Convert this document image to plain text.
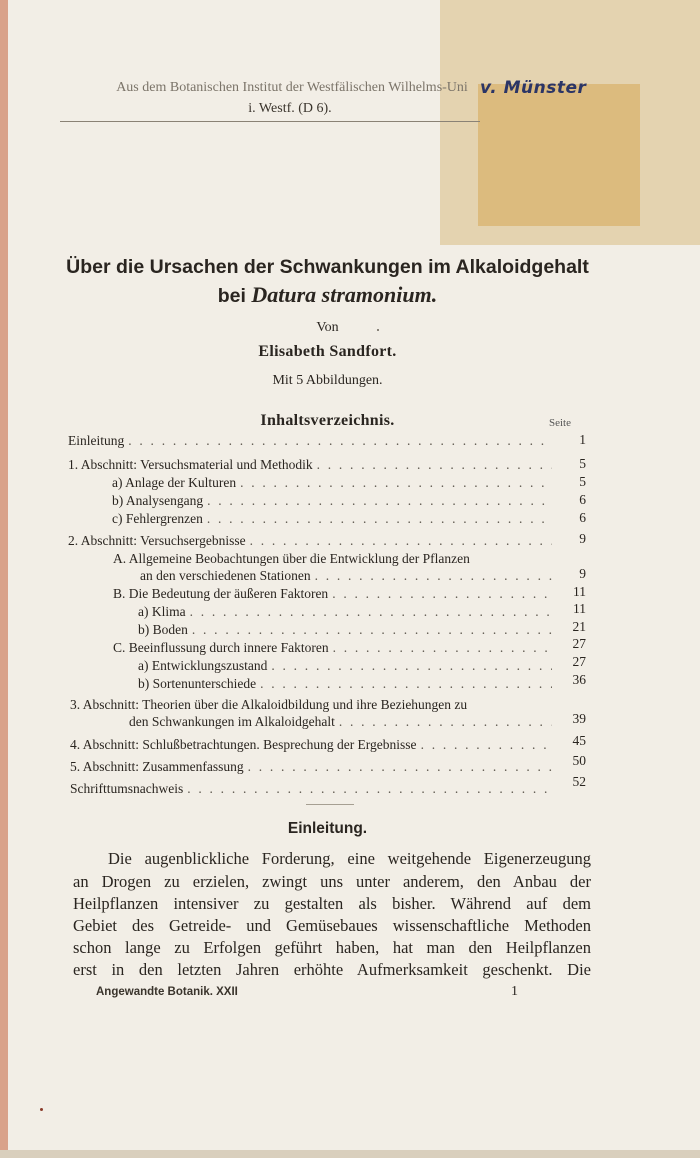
v. Münster
Aus dem Botanischen Institut der Westfälischen Wilhelms-Uni
i. Westf. (D 6).
Über die Ursachen der Schwankungen im Alkaloidgehalt
bei Datura stramonium.
Von
Elisabeth Sandfort.
Mit 5 Abbildungen.
Inhaltsverzeichnis.	Seite
Einleitung . . .	1
1. Abschnitt: Versuchsmaterial und Methodik . . .	5
a) Anlage der Kulturen . . .	5
b) Analysengang . . .	6
c) Fehlergrenzen . . .	6
2. Abschnitt: Versuchsergebnisse . . .	9
A. Allgemeine Beobachtungen über die Entwicklung der Pflanzen
an den verschiedenen Stationen . . .	9
B. Die Bedeutung der äußeren Faktoren . . .	11
a) Klima . . .	11
b) Boden . . .	21
C. Beeinflussung durch innere Faktoren . . .	27
a) Entwicklungszustand . . .	27
b) Sortenunterschiede . . .	36
3. Abschnitt: Theorien über die Alkaloidbildung und ihre Beziehungen zu
den Schwankungen im Alkaloidgehalt . . .	39
4. Abschnitt: Schlußbetrachtungen. Besprechung der Ergebnisse . . .	45
5. Abschnitt: Zusammenfassung . . .	50
Schrifttumsnachweis . . .	52
Einleitung.
Die augenblickliche Forderung, eine weitgehende Eigenerzeugung
an Drogen zu erzielen, zwingt uns unter anderem, den Anbau der
Heilpflanzen intensiver zu gestalten als bisher. Während auf dem
Gebiet des Getreide- und Gemüsebaues wissenschaftliche Methoden
schon lange zu Erfolgen geführt haben, hat man den Heilpflanzen
erst in den letzten Jahren erhöhte Aufmerksamkeit geschenkt. Die
Angewandte Botanik. XXII	1
